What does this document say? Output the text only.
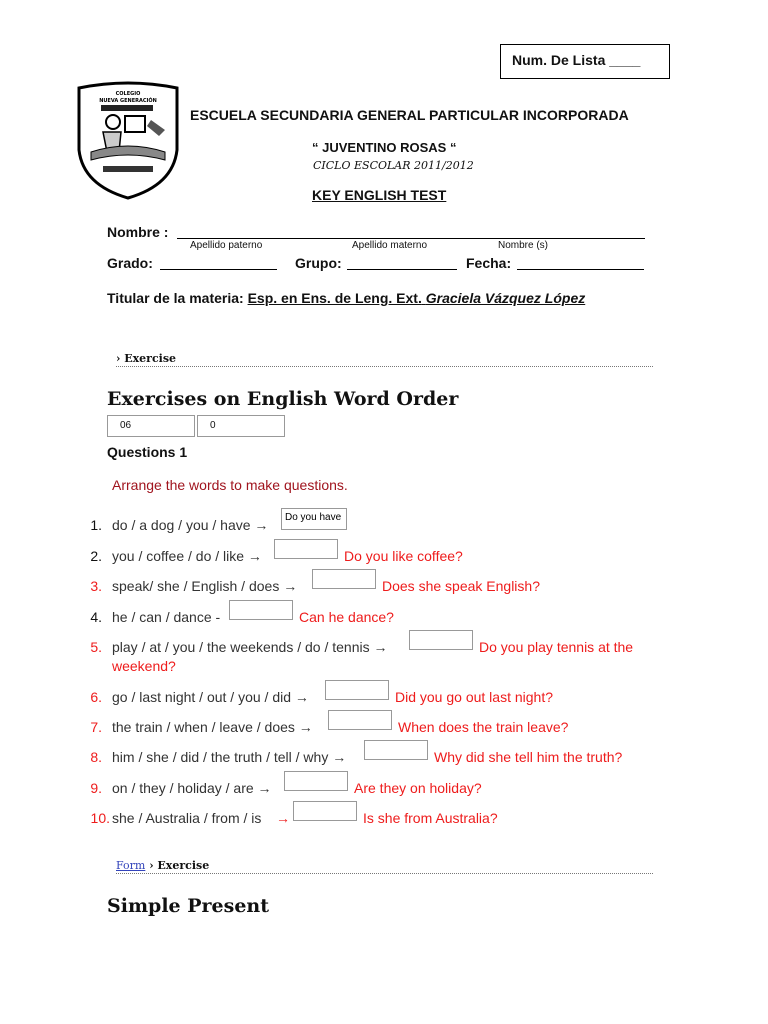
Num. De Lista ____
COLEGIO
NUEVA GENERACIÓN
ESCUELA SECUNDARIA GENERAL PARTICULAR INCORPORADA
“ JUVENTINO ROSAS “
CICLO ESCOLAR 2011/2012
KEY ENGLISH TEST
Nombre :
Apellido paterno	Apellido materno	Nombre (s)
Grado:	Grupo:	Fecha:
Titular de la materia: Esp. en Ens. de Leng. Ext. Graciela Vázquez López
› Exercise
Exercises on English Word Order
06	0
Questions 1
Arrange the words to make questions.
1. do / a dog / you / have →	Do you have
2. you / coffee / do / like →	Do you like coffee?
3. speak/ she / English / does →	Does she speak English?
4. he / can / dance -	Can he dance?
5. play / at / you / the weekends / do / tennis →	Do you play tennis at the
weekend?
6. go / last night / out / you / did →	Did you go out last night?
7. the train / when / leave / does →	When does the train leave?
8. him / she / did / the truth / tell / why →	Why did she tell him the truth?
9. on / they / holiday / are →	Are they on holiday?
10. she / Australia / from / is →	Is she from Australia?
Form › Exercise
Simple Present
